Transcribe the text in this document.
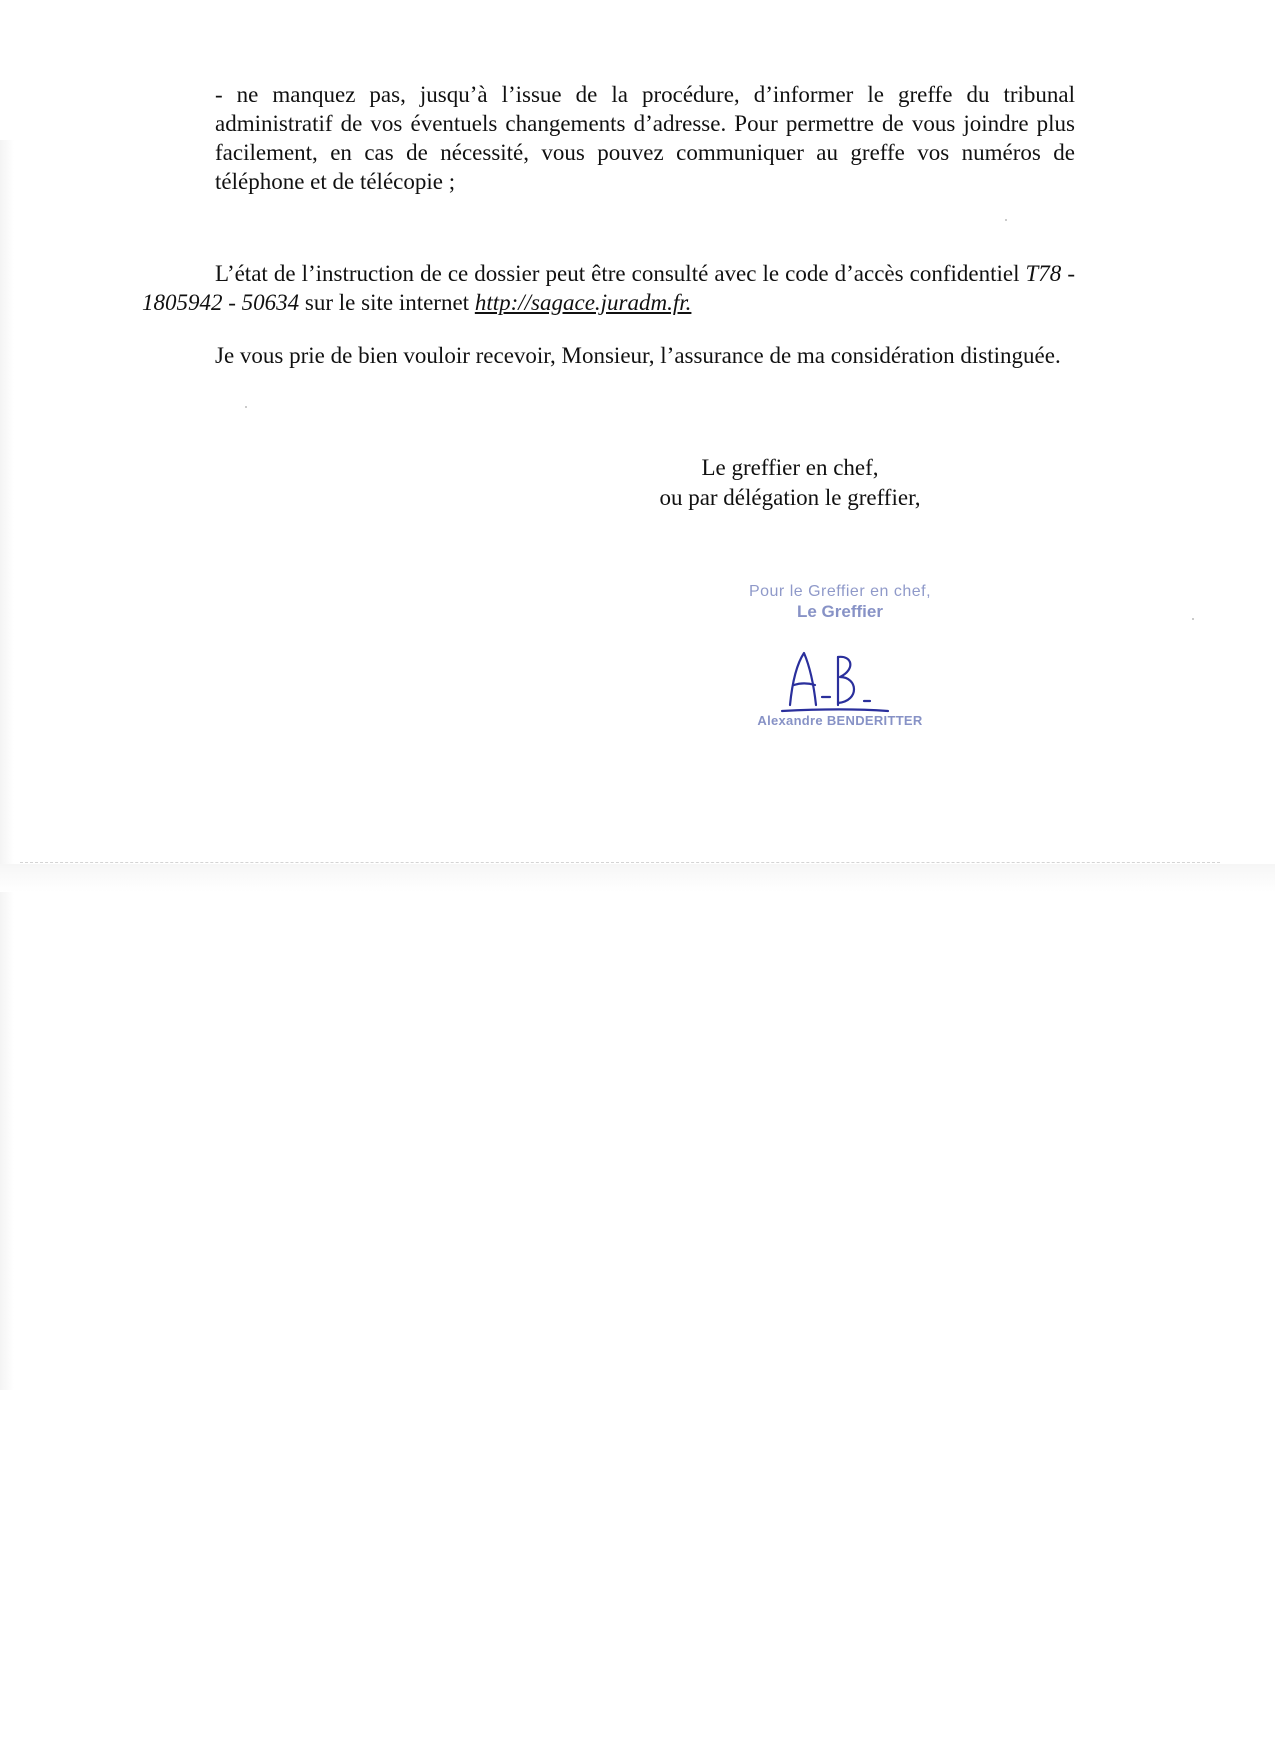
- ne manquez pas, jusqu’à l’issue de la procédure, d’informer le greffe du tribunal administratif de vos éventuels changements d’adresse. Pour permettre de vous joindre plus facilement, en cas de nécessité, vous pouvez communiquer au greffe vos numéros de téléphone et de télécopie ;

L’état de l’instruction de ce dossier peut être consulté avec le code d’accès confidentiel T78 - 1805942 - 50634 sur le site internet http://sagace.juradm.fr.

Je vous prie de bien vouloir recevoir, Monsieur, l’assurance de ma considération distinguée.

Le greffier en chef,
ou par délégation le greffier,
Pour le Greffier en chef,
Le Greffier
Alexandre BENDERITTER
